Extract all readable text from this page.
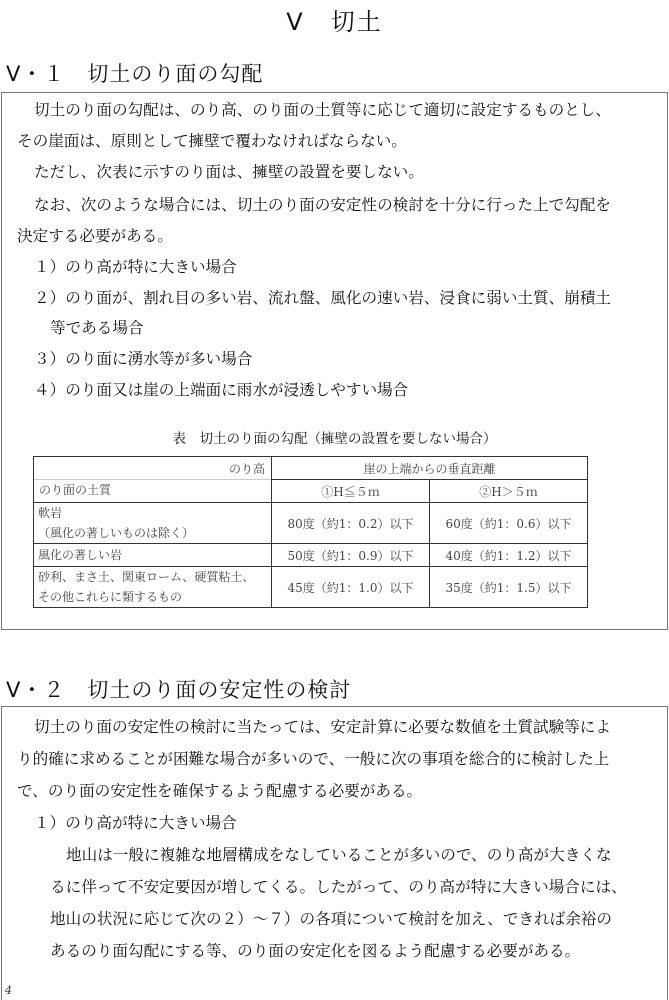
Ⅴ　切土
Ⅴ・１　切土のり面の勾配
切土のり面の勾配は、のり高、のり面の土質等に応じて適切に設定するものとし、
その崖面は、原則として擁壁で覆わなければならない。
ただし、次表に示すのり面は、擁壁の設置を要しない。
なお、次のような場合には、切土のり面の安定性の検討を十分に行った上で勾配を
決定する必要がある。
１）のり高が特に大きい場合
２）のり面が、割れ目の多い岩、流れ盤、風化の速い岩、浸食に弱い土質、崩積土
等である場合
３）のり面に湧水等が多い場合
４）のり面又は崖の上端面に雨水が浸透しやすい場合
表　切土のり面の勾配（擁壁の設置を要しない場合）
のり高
のり面の土質	崖の上端からの垂直距離	
	①H≦５ｍ	②H＞５ｍ

軟岩
（風化の著しいものは除く）	80度（約1：0.2）以下	60度（約1：0.6）以下

風化の著しい岩	50度（約1：0.9）以下	40度（約1：1.2）以下

砂利、まさ土、関東ローム、硬質粘土、
その他これらに類するもの	45度（約1：1.0）以下	35度（約1：1.5）以下
Ⅴ・２　切土のり面の安定性の検討
切土のり面の安定性の検討に当たっては、安定計算に必要な数値を土質試験等によ
り的確に求めることが困難な場合が多いので、一般に次の事項を総合的に検討した上
で、のり面の安定性を確保するよう配慮する必要がある。
１）のり高が特に大きい場合
地山は一般に複雑な地層構成をなしていることが多いので、のり高が大きくな
るに伴って不安定要因が増してくる。したがって、のり高が特に大きい場合には、
地山の状況に応じて次の２）～７）の各項について検討を加え、できれば余裕の
あるのり面勾配にする等、のり面の安定化を図るよう配慮する必要がある。
4
